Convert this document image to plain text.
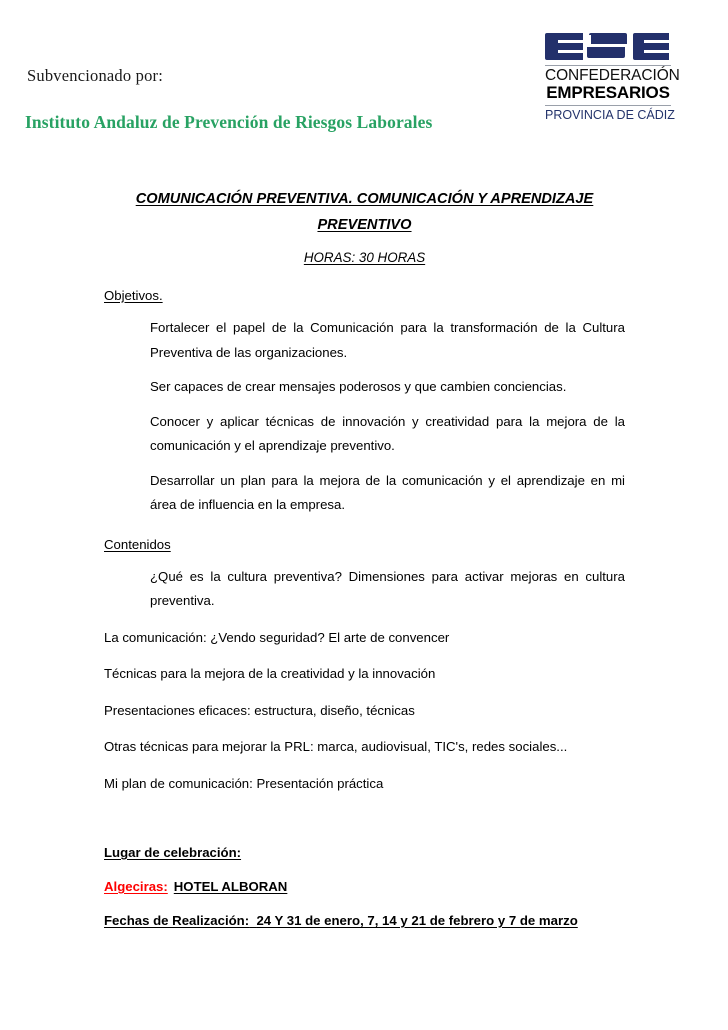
Subvencionado por:
Instituto Andaluz de Prevención de Riesgos Laborales
CONFEDERACIÓN
EMPRESARIOS
PROVINCIA DE CÁDIZ
COMUNICACIÓN PREVENTIVA. COMUNICACIÓN Y APRENDIZAJE
PREVENTIVO
HORAS: 30 HORAS
Objetivos.

Fortalecer el papel de la Comunicación para la transformación de la Cultura Preventiva de las organizaciones.

Ser capaces de crear mensajes poderosos y que cambien conciencias.

Conocer y aplicar técnicas de innovación y creatividad para la mejora de la comunicación y el aprendizaje preventivo.

Desarrollar un plan para la mejora de la comunicación y el aprendizaje en mi área de influencia en la empresa.

Contenidos

¿Qué es la cultura preventiva? Dimensiones para activar mejoras en cultura preventiva.

La comunicación: ¿Vendo seguridad? El arte de convencer

Técnicas para la mejora de la creatividad y la innovación

Presentaciones eficaces: estructura, diseño, técnicas

Otras técnicas para mejorar la PRL: marca, audiovisual, TIC's, redes sociales...

Mi plan de comunicación: Presentación práctica

Lugar de celebración:
Algeciras: HOTEL ALBORAN
Fechas de Realización: 24 Y 31 de enero, 7, 14 y 21 de febrero y 7 de marzo
